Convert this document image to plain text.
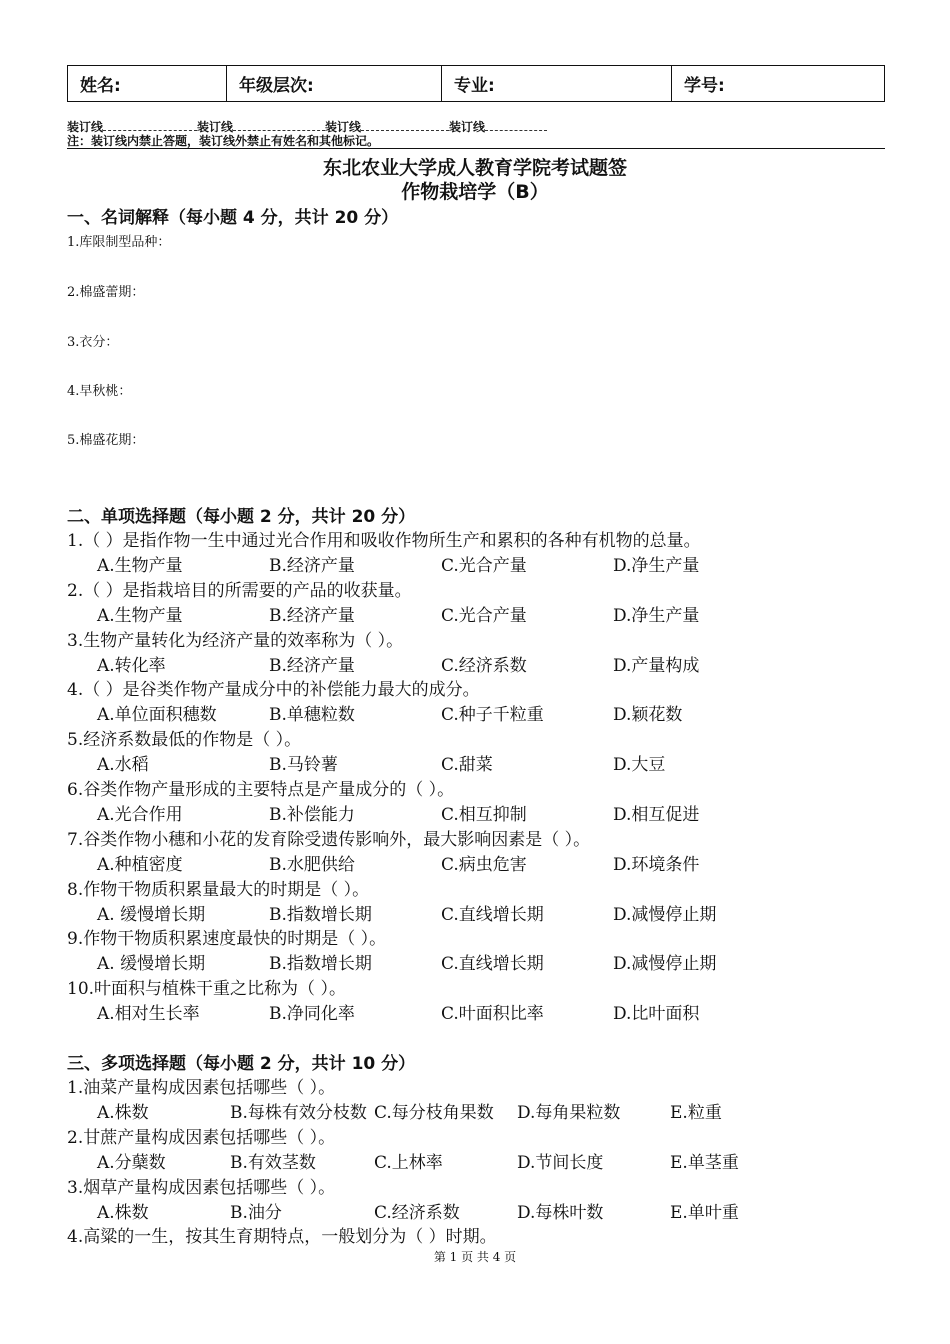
姓名:	年级层次:	专业:	学号:
装订线	装订线	装订线	装订线
注：装订线内禁止答题，装订线外禁止有姓名和其他标记。
东北农业大学成人教育学院考试题签
作物栽培学（B）
一、名词解释（每小题 4 分，共计 20 分）
1.库限制型品种：
2.棉盛蕾期：
3.衣分：
4.早秋桃：
5.棉盛花期：
二、单项选择题（每小题 2 分，共计 20 分）
1.（ ）是指作物一生中通过光合作用和吸收作物所生产和累积的各种有机物的总量。
A.生物产量	B.经济产量	C.光合产量	D.净生产量
2.（ ）是指栽培目的所需要的产品的收获量。
A.生物产量	B.经济产量	C.光合产量	D.净生产量
3.生物产量转化为经济产量的效率称为（ ）。
A.转化率	B.经济产量	C.经济系数	D.产量构成
4.（ ）是谷类作物产量成分中的补偿能力最大的成分。
A.单位面积穗数	B.单穗粒数	C.种子千粒重	D.颖花数
5.经济系数最低的作物是（ ）。
A.水稻	B.马铃薯	C.甜菜	D.大豆
6.谷类作物产量形成的主要特点是产量成分的（ ）。
A.光合作用	B.补偿能力	C.相互抑制	D.相互促进
7.谷类作物小穗和小花的发育除受遗传影响外，最大影响因素是（ ）。
A.种植密度	B.水肥供给	C.病虫危害	D.环境条件
8.作物干物质积累量最大的时期是（ ）。
A. 缓慢增长期	B.指数增长期	C.直线增长期	D.减慢停止期
9.作物干物质积累速度最快的时期是（ ）。
A. 缓慢增长期	B.指数增长期	C.直线增长期	D.减慢停止期
10.叶面积与植株干重之比称为（ ）。
A.相对生长率	B.净同化率	C.叶面积比率	D.比叶面积
三、多项选择题（每小题 2 分，共计 10 分）
1.油菜产量构成因素包括哪些（ ）。
A.株数	B.每株有效分枝数 C.每分枝角果数 D.每角果粒数	E.粒重
2.甘蔗产量构成因素包括哪些（ ）。
A.分蘖数	B.有效茎数	C.上林率	D.节间长度	E.单茎重
3.烟草产量构成因素包括哪些（ ）。
A.株数	B.油分	C.经济系数	D.每株叶数	E.单叶重
4.高粱的一生，按其生育期特点，一般划分为（ ）时期。
第 1 页 共 4 页
